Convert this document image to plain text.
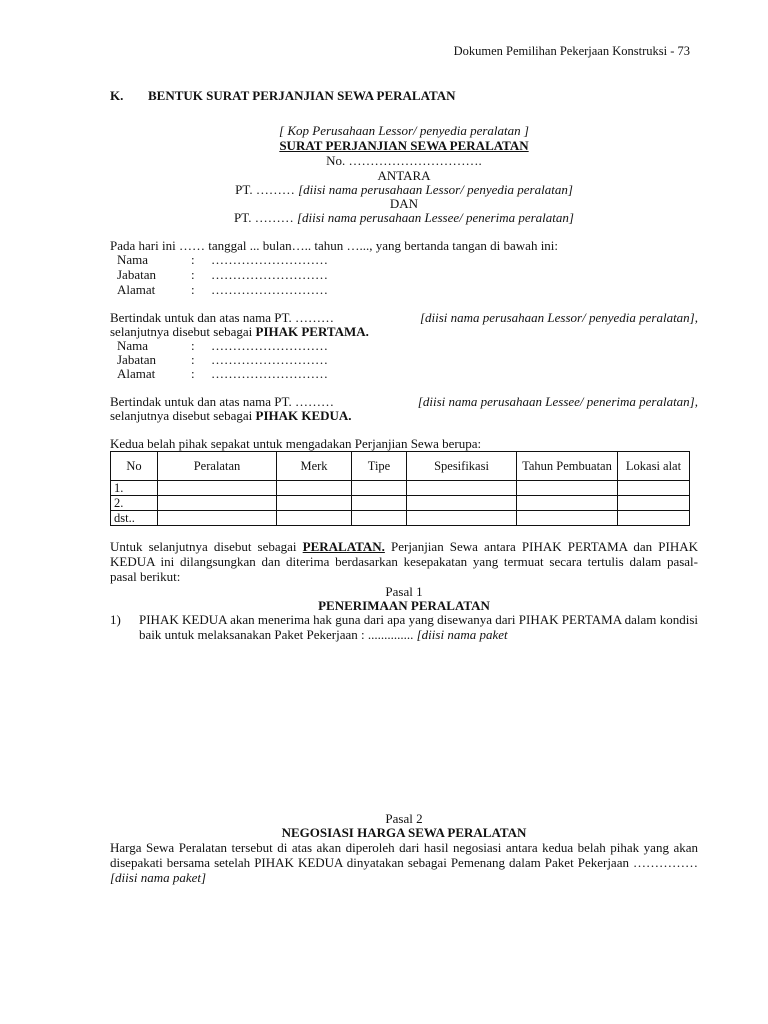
Dokumen Pemilihan Pekerjaan Konstruksi - 73
K. BENTUK SURAT PERJANJIAN SEWA PERALATAN
[ Kop Perusahaan Lessor/ penyedia peralatan ]
SURAT PERJANJIAN SEWA PERALATAN
No. ………………………….
ANTARA
PT. ……… [diisi nama perusahaan Lessor/ penyedia peralatan]
DAN
PT. ……… [diisi nama perusahaan Lessee/ penerima peralatan]
Pada hari ini …… tanggal ... bulan….. tahun …..., yang bertanda tangan di bawah ini:
Nama	: ………………………
Jabatan	: ………………………
Alamat	: ………………………
Bertindak untuk dan atas nama PT. ………	[diisi nama perusahaan Lessor/ penyedia peralatan],
selanjutnya disebut sebagai PIHAK PERTAMA.
Nama	: ………………………
Jabatan	: ………………………
Alamat	: ………………………
Bertindak untuk dan atas nama PT. ………	[diisi nama perusahaan Lessee/ penerima peralatan],
selanjutnya disebut sebagai PIHAK KEDUA.
Kedua belah pihak sepakat untuk mengadakan Perjanjian Sewa berupa:
No	Peralatan	Merk	Tipe	Spesifikasi	Tahun Pembuatan	Lokasi alat
1.						
2.						
dst..						
Untuk selanjutnya disebut sebagai PERALATAN. Perjanjian Sewa antara PIHAK PERTAMA dan PIHAK KEDUA ini dilangsungkan dan diterima berdasarkan kesepakatan yang termuat secara tertulis dalam pasal- pasal berikut:
Pasal 1
PENERIMAAN PERALATAN
1) PIHAK KEDUA akan menerima hak guna dari apa yang disewanya dari PIHAK PERTAMA dalam kondisi baik untuk melaksanakan Paket Pekerjaan : .............. [diisi nama paket
Pasal 2
NEGOSIASI HARGA SEWA PERALATAN
Harga Sewa Peralatan tersebut di atas akan diperoleh dari hasil negosiasi antara kedua belah pihak yang akan disepakati bersama setelah PIHAK KEDUA dinyatakan sebagai Pemenang dalam Paket Pekerjaan ……………[diisi nama paket]
